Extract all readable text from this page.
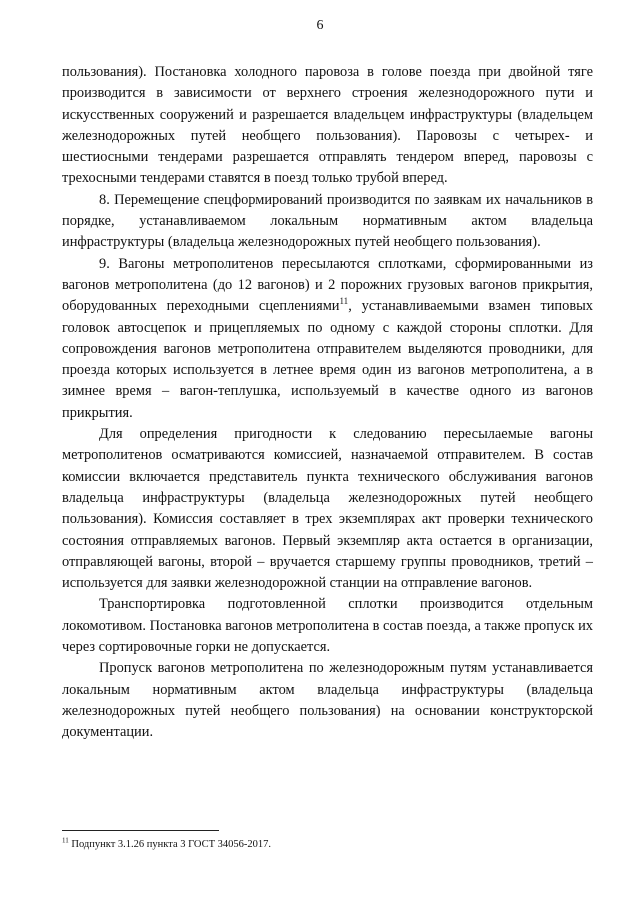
6

пользования). Постановка холодного паровоза в голове поезда при двойной тяге производится в зависимости от верхнего строения железнодорожного пути и искусственных сооружений и разрешается владельцем инфраструктуры (владельцем железнодорожных путей необщего пользования). Паровозы с четырех- и шестиосными тендерами разрешается отправлять тендером вперед, паровозы с трехосными тендерами ставятся в поезд только трубой вперед.

8. Перемещение спецформирований производится по заявкам их начальников в порядке, устанавливаемом локальным нормативным актом владельца инфраструктуры (владельца железнодорожных путей необщего пользования).

9. Вагоны метрополитенов пересылаются сплотками, сформированными из вагонов метрополитена (до 12 вагонов) и 2 порожних грузовых вагонов прикрытия, оборудованных переходными сцеплениями$^{11}$, устанавливаемыми взамен типовых головок автосцепок и прицепляемых по одному с каждой стороны сплотки. Для сопровождения вагонов метрополитена отправителем выделяются проводники, для проезда которых используется в летнее время один из вагонов метрополитена, а в зимнее время – вагон-теплушка, используемый в качестве одного из вагонов прикрытия.

Для определения пригодности к следованию пересылаемые вагоны метрополитенов осматриваются комиссией, назначаемой отправителем. В состав комиссии включается представитель пункта технического обслуживания вагонов владельца инфраструктуры (владельца железнодорожных путей необщего пользования). Комиссия составляет в трех экземплярах акт проверки технического состояния отправляемых вагонов. Первый экземпляр акта остается в организации, отправляющей вагоны, второй – вручается старшему группы проводников, третий – используется для заявки железнодорожной станции на отправление вагонов.

Транспортировка подготовленной сплотки производится отдельным локомотивом. Постановка вагонов метрополитена в состав поезда, а также пропуск их через сортировочные горки не допускается.

Пропуск вагонов метрополитена по железнодорожным путям устанавливается локальным нормативным актом владельца инфраструктуры (владельца железнодорожных путей необщего пользования) на основании конструкторской документации.

$^{11}$ Подпункт 3.1.26 пункта 3 ГОСТ 34056-2017.
